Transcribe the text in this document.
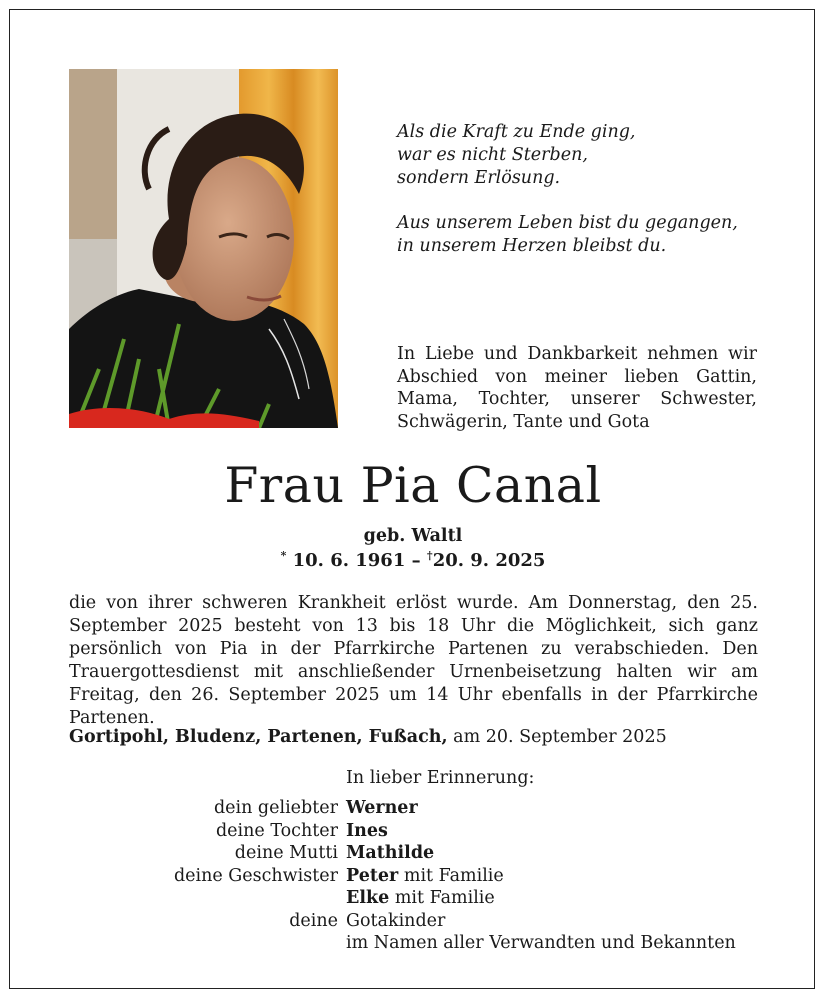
Als die Kraft zu Ende ging,
war es nicht Sterben,
sondern Erlösung.
Aus unserem Leben bist du gegangen,
in unserem Herzen bleibst du.
In Liebe und Dankbarkeit nehmen wir Abschied von meiner lieben Gattin, Mama, Tochter, unserer Schwester, Schwägerin, Tante und Gota
Frau Pia Canal
geb. Waltl
* 10. 6. 1961 – †20. 9. 2025
die von ihrer schweren Krankheit erlöst wurde. Am Donnerstag, den 25. September 2025 besteht von 13 bis 18 Uhr die Möglichkeit, sich ganz persönlich von Pia in der Pfarrkirche Partenen zu verabschieden. Den Trauergottesdienst mit anschließender Urnenbeisetzung halten wir am Freitag, den 26. September 2025 um 14 Uhr ebenfalls in der Pfarrkirche Partenen.
Gortipohl, Bludenz, Partenen, Fußach, am 20. September 2025
In lieber Erinnerung:
dein geliebter Werner
deine Tochter Ines
deine Mutti Mathilde
deine Geschwister Peter mit Familie
Elke mit Familie
deine Gotakinder
im Namen aller Verwandten und Bekannten
